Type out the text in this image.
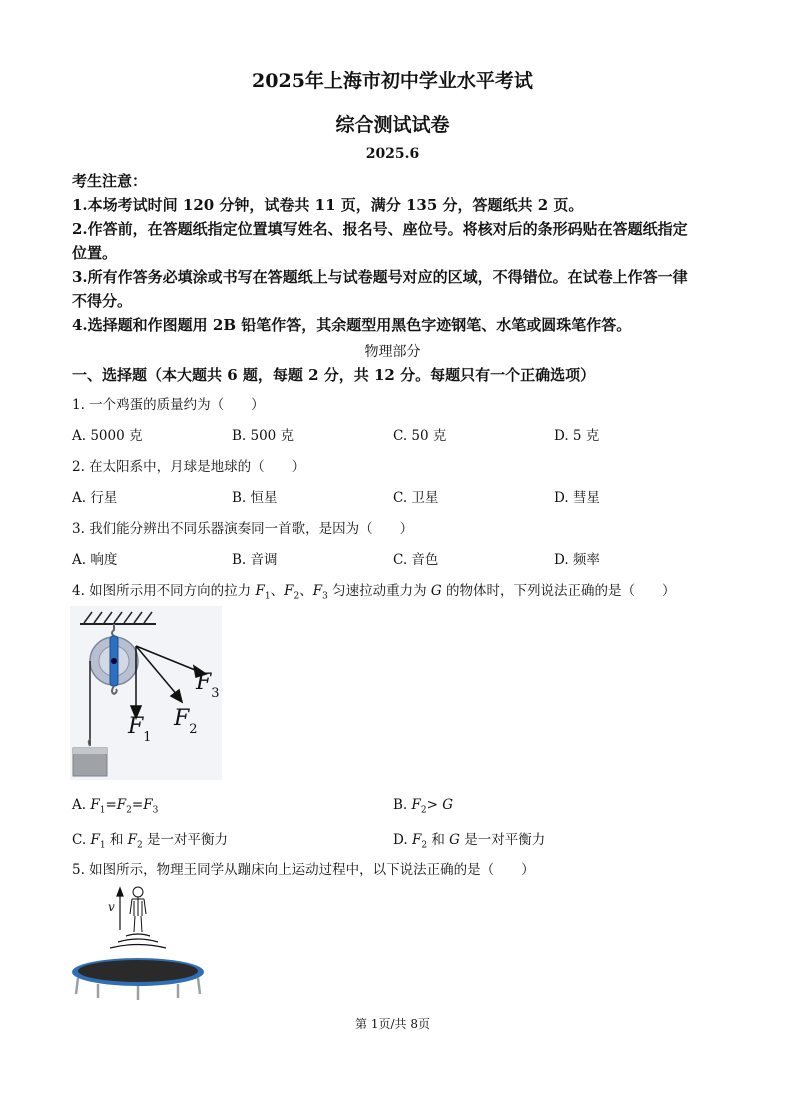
2025年上海市初中学业水平考试
综合测试试卷
2025.6
考生注意：
1.本场考试时间 120 分钟，试卷共 11 页，满分 135 分，答题纸共 2 页。
2.作答前，在答题纸指定位置填写姓名、报名号、座位号。将核对后的条形码贴在答题纸指定
位置。
3.所有作答务必填涂或书写在答题纸上与试卷题号对应的区域，不得错位。在试卷上作答一律
不得分。
4.选择题和作图题用 2B 铅笔作答，其余题型用黑色字迹钢笔、水笔或圆珠笔作答。
物理部分
一、选择题（本大题共 6 题，每题 2 分，共 12 分。每题只有一个正确选项）
1. 一个鸡蛋的质量约为（　　）
A. 5000 克	B. 500 克	C. 50 克	D. 5 克
2. 在太阳系中，月球是地球的（　　）
A. 行星	B. 恒星	C. 卫星	D. 彗星
3. 我们能分辨出不同乐器演奏同一首歌，是因为（　　）
A. 响度	B. 音调	C. 音色	D. 频率
4. 如图所示用不同方向的拉力 $F_1$、$F_2$、$F_3$ 匀速拉动重力为 G 的物体时，下列说法正确的是（　　）
$F_1$
$F_2$
$F_3$
A. $F_1=F_2=F_3$	B. $F_2> G$
C. $F_1$ 和 $F_2$ 是一对平衡力	D. $F_2$ 和 G 是一对平衡力
5. 如图所示，物理王同学从蹦床向上运动过程中，以下说法正确的是（　　）
v
第 1页/共 8页
